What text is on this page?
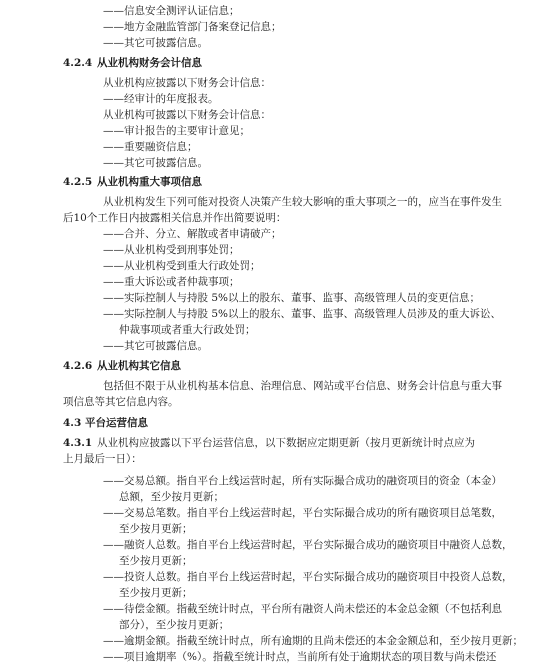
——信息安全测评认证信息；
——地方金融监管部门备案登记信息；
——其它可披露信息。
4.2.4 从业机构财务会计信息
从业机构应披露以下财务会计信息：
——经审计的年度报表。
从业机构可披露以下财务会计信息：
——审计报告的主要审计意见；
——重要融资信息；
——其它可披露信息。
4.2.5 从业机构重大事项信息
从业机构发生下列可能对投资人决策产生较大影响的重大事项之一的，应当在事件发生
后10个工作日内披露相关信息并作出简要说明：
——合并、分立、解散或者申请破产；
——从业机构受到刑事处罚；
——从业机构受到重大行政处罚；
——重大诉讼或者仲裁事项；
——实际控制人与持股 5%以上的股东、董事、监事、高级管理人员的变更信息；
——实际控制人与持股 5%以上的股东、董事、监事、高级管理人员涉及的重大诉讼、
仲裁事项或者重大行政处罚；
——其它可披露信息。
4.2.6 从业机构其它信息
包括但不限于从业机构基本信息、治理信息、网站或平台信息、财务会计信息与重大事
项信息等其它信息内容。
4.3 平台运营信息
4.3.1 从业机构应披露以下平台运营信息，以下数据应定期更新（按月更新统计时点应为
上月最后一日）：
——交易总额。指自平台上线运营时起，所有实际撮合成功的融资项目的资金（本金）
总额，至少按月更新；
——交易总笔数。指自平台上线运营时起，平台实际撮合成功的所有融资项目总笔数，
至少按月更新；
——融资人总数。指自平台上线运营时起，平台实际撮合成功的融资项目中融资人总数，
至少按月更新；
——投资人总数。指自平台上线运营时起，平台实际撮合成功的融资项目中投资人总数，
至少按月更新；
——待偿金额。指截至统计时点，平台所有融资人尚未偿还的本金总金额（不包括利息
部分），至少按月更新；
——逾期金额。指截至统计时点，所有逾期的且尚未偿还的本金金额总和，至少按月更新；
——项目逾期率（%）。指截至统计时点，当前所有处于逾期状态的项目数与尚未偿还
